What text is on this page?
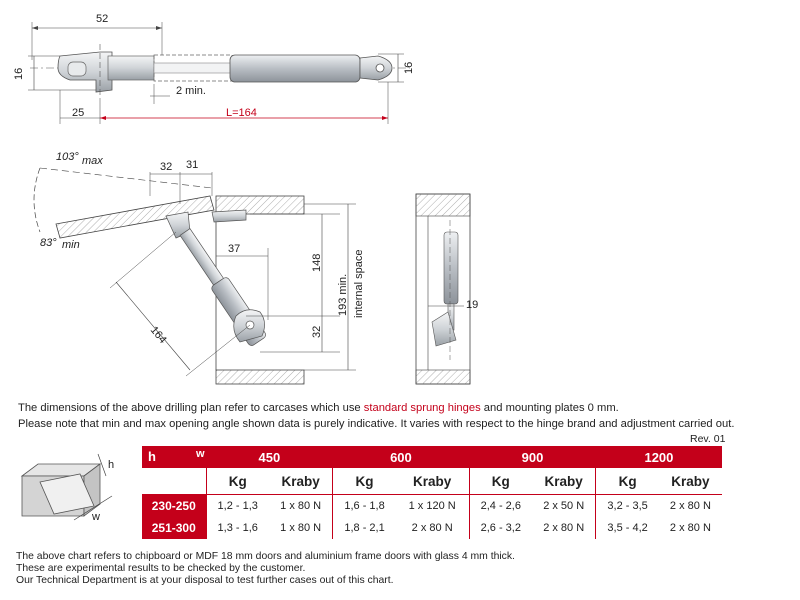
52
16	16
2 min.
25	L=164
103° max
83° min
32 31
37
148
32
193 min. internal space
164
19
h
w
The dimensions of the above drilling plan refer to carcases which use standard sprung hinges and mounting plates 0 mm.
Please note that min and max opening angle shown data is purely indicative. It varies with respect to the hinge brand and adjustment carried out.
Rev. 01
h w	450		600		900		1200	
	Kg	Kraby	Kg	Kraby	Kg	Kraby	Kg	Kraby
230-250	1,2 - 1,3	1 x 80 N	1,6 - 1,8	1 x 120 N	2,4 - 2,6	2 x 50 N	3,2 - 3,5	2 x 80 N
251-300	1,3 - 1,6	1 x 80 N	1,8 - 2,1	2 x 80 N	2,6 - 3,2	2 x 80 N	3,5 - 4,2	2 x 80 N
The above chart refers to chipboard or MDF 18 mm doors and aluminium frame doors with glass 4 mm thick.
These are experimental results to be checked by the customer.
Our Technical Department is at your disposal to test further cases out of this chart.
